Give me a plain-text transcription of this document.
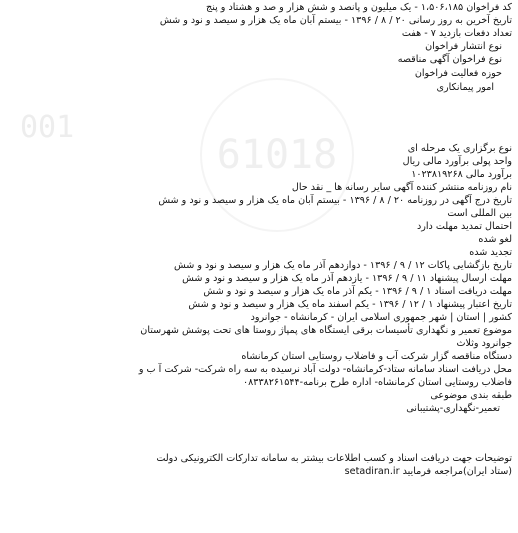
61018
001
کد فراخوان ۱،۵۰۶،۱۸۵ - یک میلیون و پانصد و شش هزار و صد و هشتاد و پنج
تاریخ آخرین به روز رسانی ۲۰ / ۸ / ۱۳۹۶ - بیستم آبان ماه یک هزار و سیصد و نود و شش
تعداد دفعات بازدید ۷ - هفت
نوع انتشار فراخوان
نوع فراخوان آگهی مناقصه
حوزه فعالیت فراخوان
امور پیمانکاری
نوع برگزاری یک مرحله ای
واحد پولی برآورد مالی ریال
برآورد مالی ۱۰۲۳۸۱۹۲۶۸
نام روزنامه منتشر کننده آگهی سایر رسانه ها _ نقد حال
تاریخ درج آگهی در روزنامه ۲۰ / ۸ / ۱۳۹۶ - بیستم آبان ماه یک هزار و سیصد و نود و شش
بین المللی است
احتمال تمدید مهلت دارد
لغو شده
تجدید شده
تاریخ بازگشایی پاکات ۱۲ / ۹ / ۱۳۹۶ - دوازدهم آذر ماه یک هزار و سیصد و نود و شش
مهلت ارسال پیشنهاد ۱۱ / ۹ / ۱۳۹۶ - یازدهم آذر ماه یک هزار و سیصد و نود و شش
مهلت دریافت اسناد ۱ / ۹ / ۱۳۹۶ - یکم آذر ماه یک هزار و سیصد و نود و شش
تاریخ اعتبار پیشنهاد ۱ / ۱۲ / ۱۳۹۶ - یکم اسفند ماه یک هزار و سیصد و نود و شش
کشور | استان | شهر جمهوری اسلامی ایران - کرمانشاه - جوانرود
موضوع تعمیر و نگهداری تأسیسات برقی ایستگاه های پمپاژ روستا های تحت پوشش شهرستان
جوانرود وثلاث
دستگاه مناقصه گزار شرکت آب و فاضلاب روستایی استان کرمانشاه
محل دریافت اسناد سامانه ستاد-کرمانشاه- دولت آباد نرسیده به سه راه شرکت- شرکت آ ب و
فاضلاب روستایی استان کرمانشاه- اداره طرح برنامه-۰۸۳۳۸۲۶۱۵۴۴
طبقه بندی موضوعی
تعمیر-نگهداری-پشتیبانی
توضیحات جهت دریافت اسناد و کسب اطلاعات بیشتر به سامانه تدارکات الکترونیکی دولت
(ستاد ایران)مراجعه فرمایید setadiran.ir
